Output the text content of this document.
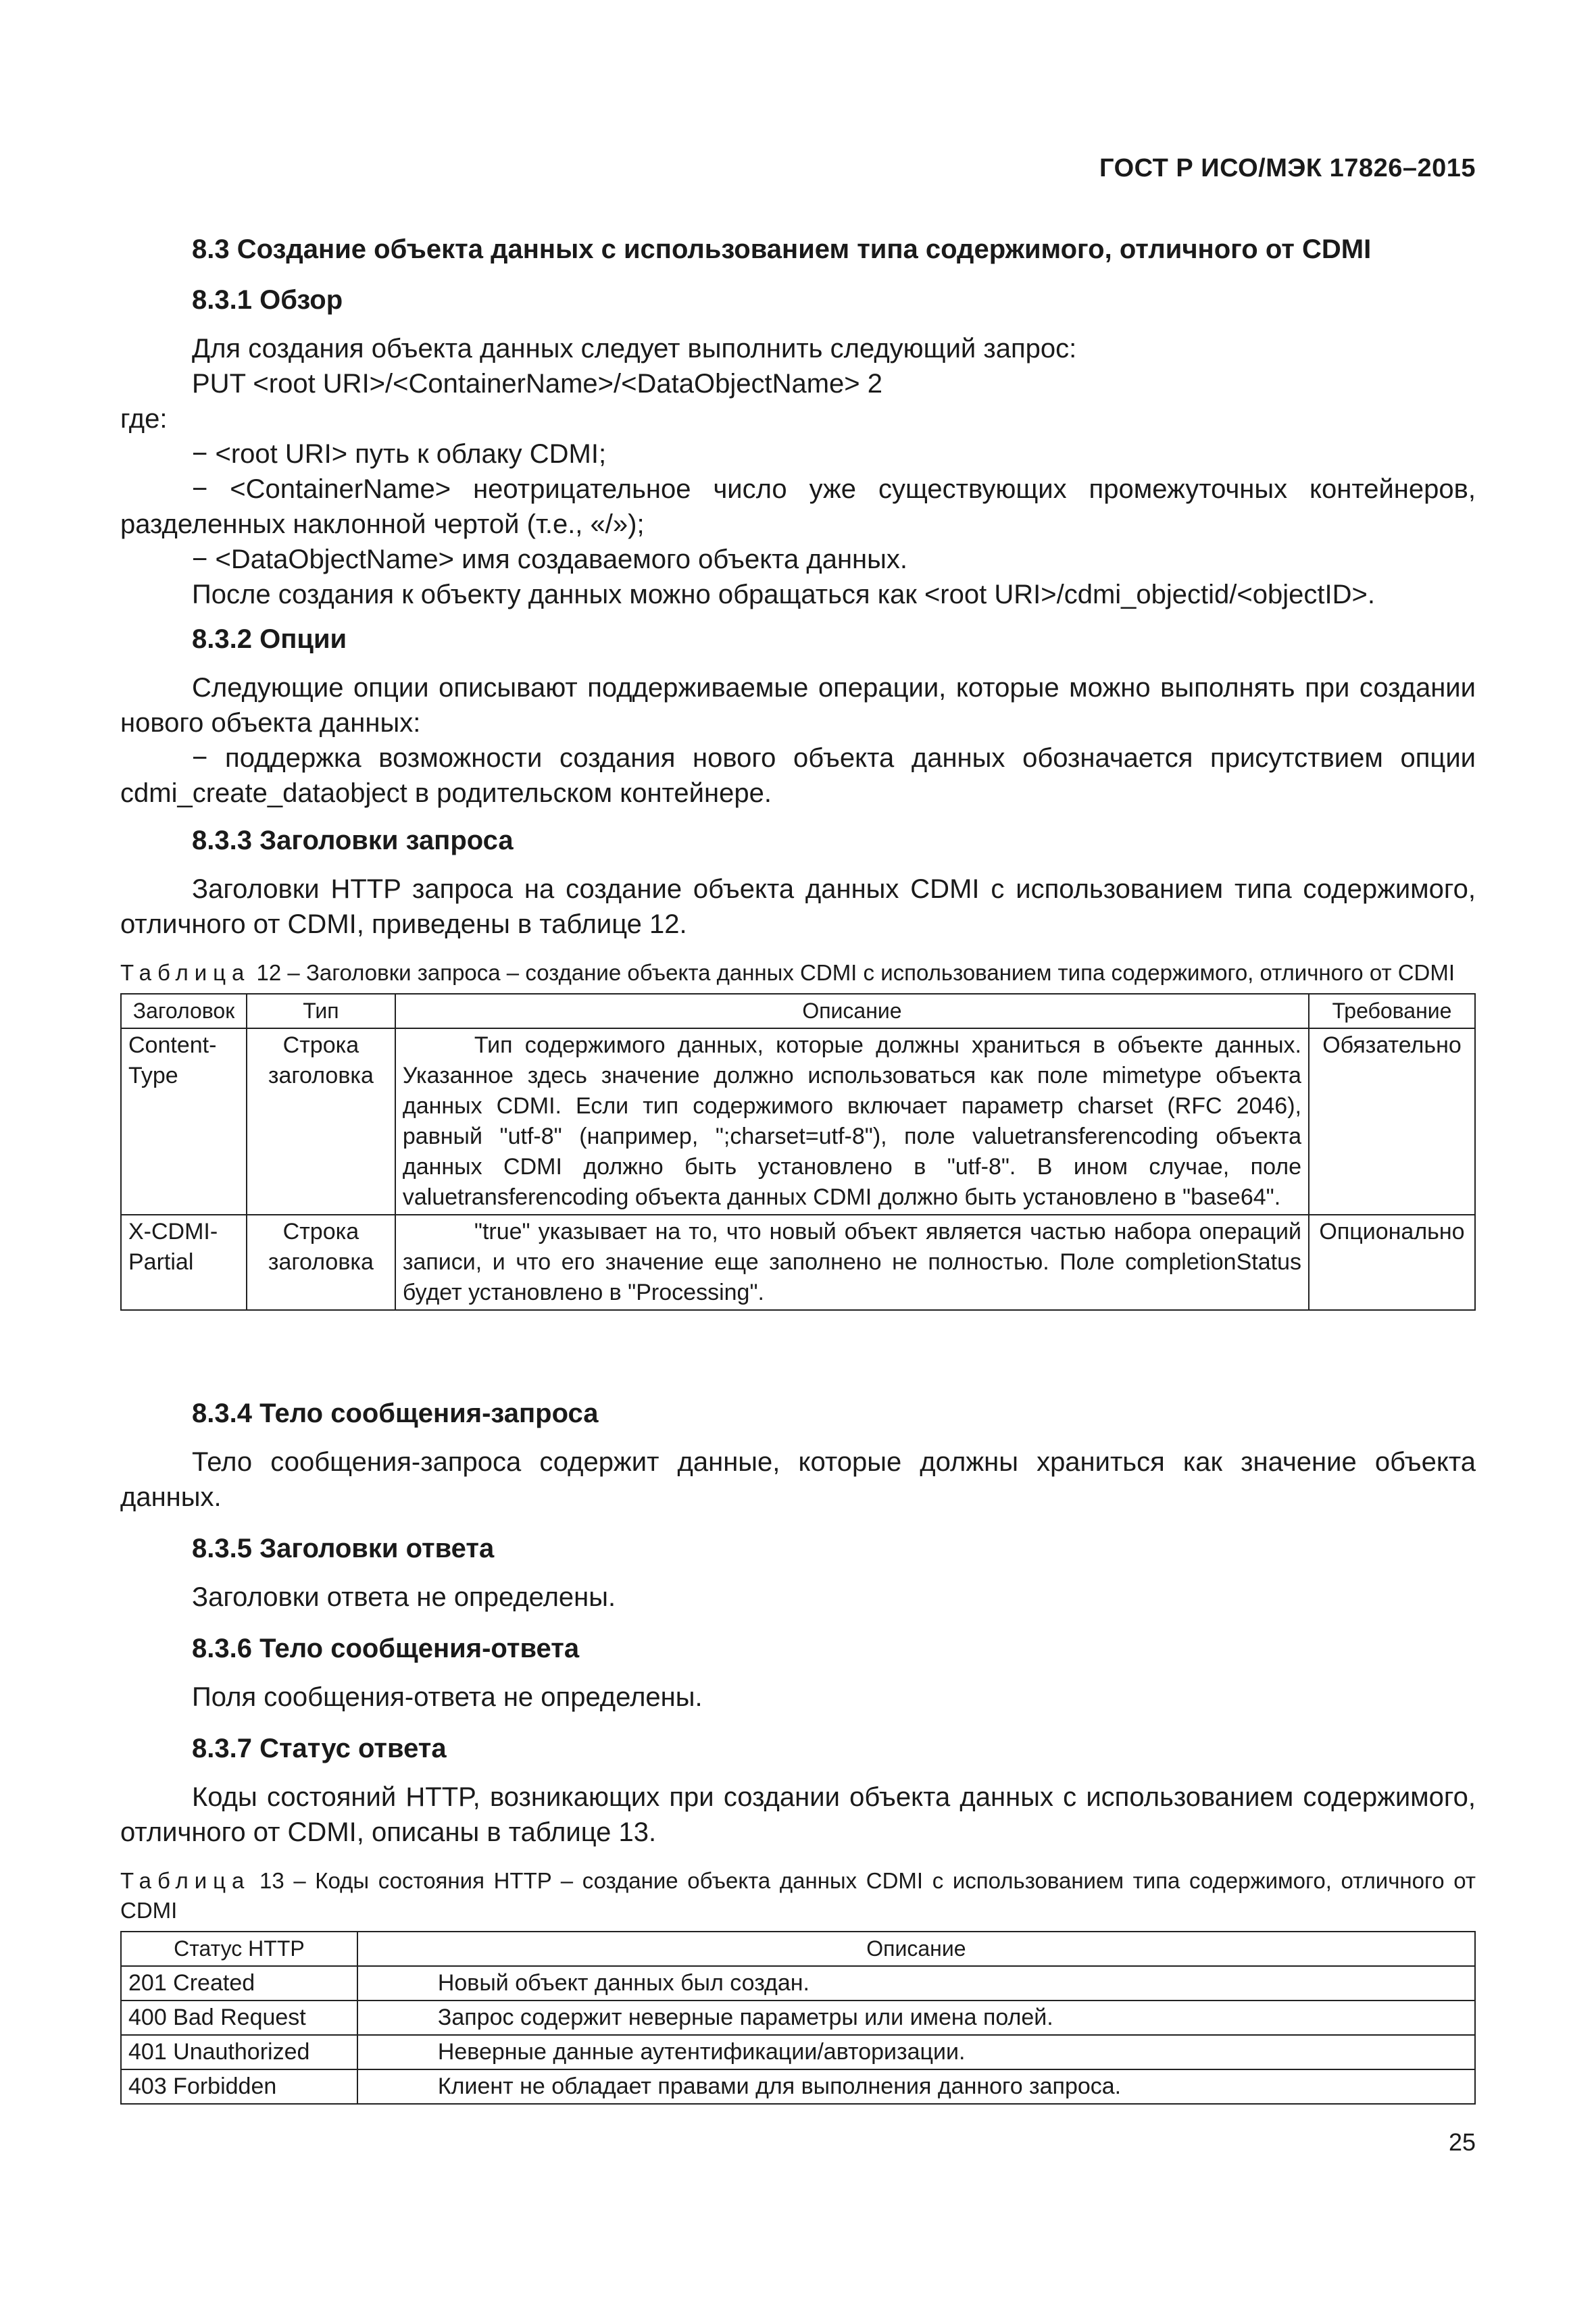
ГОСТ Р ИСО/МЭК 17826–2015
8.3 Создание объекта данных с использованием типа содержимого, отличного от CDMI
8.3.1 Обзор

Для создания объекта данных следует выполнить следующий запрос:

PUT <root URI>/<ContainerName>/<DataObjectName> 2

где:

− <root URI> путь к облаку CDMI;

− <ContainerName> неотрицательное число уже существующих промежуточных контейнеров, разделенных наклонной чертой (т.е., «/»);

− <DataObjectName> имя создаваемого объекта данных.

После создания к объекту данных можно обращаться как <root URI>/cdmi_objectid/<objectID>.

8.3.2 Опции

Следующие опции описывают поддерживаемые операции, которые можно выполнять при создании нового объекта данных:

− поддержка возможности создания нового объекта данных обозначается присутствием опции cdmi_create_dataobject в родительском контейнере.

8.3.3 Заголовки запроса

Заголовки HTTP запроса на создание объекта данных CDMI с использованием типа содержимого, отличного от CDMI, приведены в таблице 12.

Таблица 12 – Заголовки запроса – создание объекта данных CDMI с использованием типа содержимого, отличного от CDMI
Заголовок	Тип	Описание	Требование
Content-Type	Строка заголовка	Тип содержимого данных, которые должны храниться в объекте данных. Указанное здесь значение должно использоваться как поле mimetype объекта данных CDMI. Если тип содержимого включает параметр charset (RFC 2046), равный "utf-8" (например, ";charset=utf-8"), поле valuetransferencoding объекта данных CDMI должно быть установлено в "utf-8". В ином случае, поле valuetransferencoding объекта данных CDMI должно быть установлено в "base64".	Обязательно
X-CDMI-Partial	Строка заголовка	"true" указывает на то, что новый объект является частью набора операций записи, и что его значение еще заполнено не полностью. Поле completionStatus будет установлено в "Processing".	Опционально
8.3.4 Тело сообщения-запроса

Тело сообщения-запроса содержит данные, которые должны храниться как значение объекта данных.

8.3.5 Заголовки ответа

Заголовки ответа не определены.

8.3.6 Тело сообщения-ответа

Поля сообщения-ответа не определены.

8.3.7 Статус ответа

Коды состояний HTTP, возникающих при создании объекта данных с использованием содержимого, отличного от CDMI, описаны в таблице 13.

Таблица 13 – Коды состояния HTTP – создание объекта данных CDMI с использованием типа содержимого, отличного от CDMI
Статус HTTP	Описание
201 Created	Новый объект данных был создан.
400 Bad Request	Запрос содержит неверные параметры или имена полей.
401 Unauthorized	Неверные данные аутентификации/авторизации.
403 Forbidden	Клиент не обладает правами для выполнения данного запроса.
25
